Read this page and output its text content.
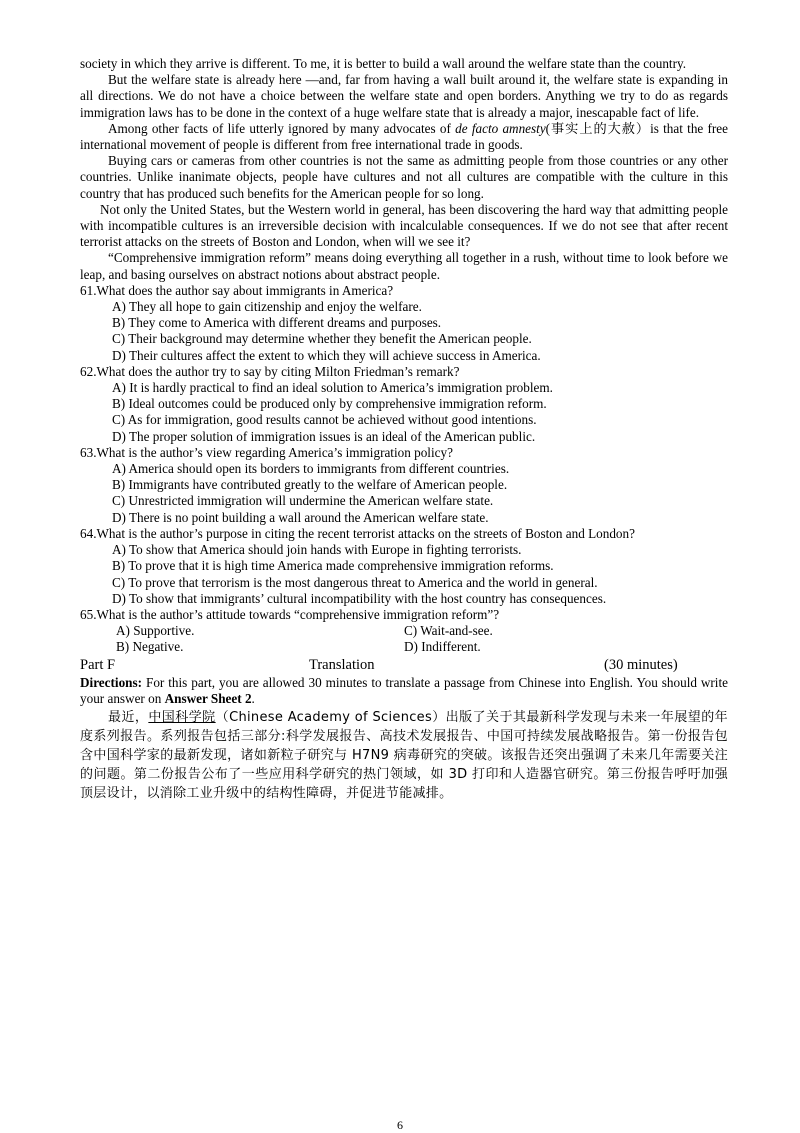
society in which they arrive is different. To me, it is better to build a wall around the welfare state than the country.

But the welfare state is already here —and, far from having a wall built around it, the welfare state is expanding in all directions. We do not have a choice between the welfare state and open borders. Anything we try to do as regards immigration laws has to be done in the context of a huge welfare state that is already a major, inescapable fact of life.

Among other facts of life utterly ignored by many advocates of de facto amnesty(事实上的大赦）is that the free international movement of people is different from free international trade in goods.

Buying cars or cameras from other countries is not the same as admitting people from those countries or any other countries. Unlike inanimate objects, people have cultures and not all cultures are compatible with the culture in this country that has produced such benefits for the American people for so long.

Not only the United States, but the Western world in general, has been discovering the hard way that admitting people with incompatible cultures is an irreversible decision with incalculable consequences. If we do not see that after recent terrorist attacks on the streets of Boston and London, when will we see it?

“Comprehensive immigration reform” means doing everything all together in a rush, without time to look before we leap, and basing ourselves on abstract notions about abstract people.

61.What does the author say about immigrants in America?

A) They all hope to gain citizenship and enjoy the welfare.

B) They come to America with different dreams and purposes.

C) Their background may determine whether they benefit the American people.

D) Their cultures affect the extent to which they will achieve success in America.

62.What does the author try to say by citing Milton Friedman’s remark?

A) It is hardly practical to find an ideal solution to America’s immigration problem.

B) Ideal outcomes could be produced only by comprehensive immigration reform.

C) As for immigration, good results cannot be achieved without good intentions.

D) The proper solution of immigration issues is an ideal of the American public.

63.What is the author’s view regarding America’s immigration policy?

A) America should open its borders to immigrants from different countries.

B) Immigrants have contributed greatly to the welfare of American people.

C) Unrestricted immigration will undermine the American welfare state.

D) There is no point building a wall around the American welfare state.

64.What is the author’s purpose in citing the recent terrorist attacks on the streets of Boston and London?

A) To show that America should join hands with Europe in fighting terrorists.

B) To prove that it is high time America made comprehensive immigration reforms.

C) To prove that terrorism is the most dangerous threat to America and the world in general.

D) To show that immigrants’ cultural incompatibility with the host country has consequences.

65.What is the author’s attitude towards “comprehensive immigration reform”?

A) Supportive.	C) Wait-and-see.
B) Negative.	D) Indifferent.
Part F	Translation	(30 minutes)

Directions: For this part, you are allowed 30 minutes to translate a passage from Chinese into English. You should write your answer on Answer Sheet 2.

最近，中国科学院（Chinese Academy of Sciences）出版了关于其最新科学发现与未来一年展望的年度系列报告。系列报告包括三部分:科学发展报告、高技术发展报告、中国可持续发展战略报告。第一份报告包含中国科学家的最新发现，诸如新粒子研究与 H7N9 病毒研究的突破。该报告还突出强调了未来几年需要关注的问题。第二份报告公布了一些应用科学研究的热门领域，如 3D 打印和人造器官研究。第三份报告呼吁加强顶层设计，以消除工业升级中的结构性障碍，并促进节能减排。

6
